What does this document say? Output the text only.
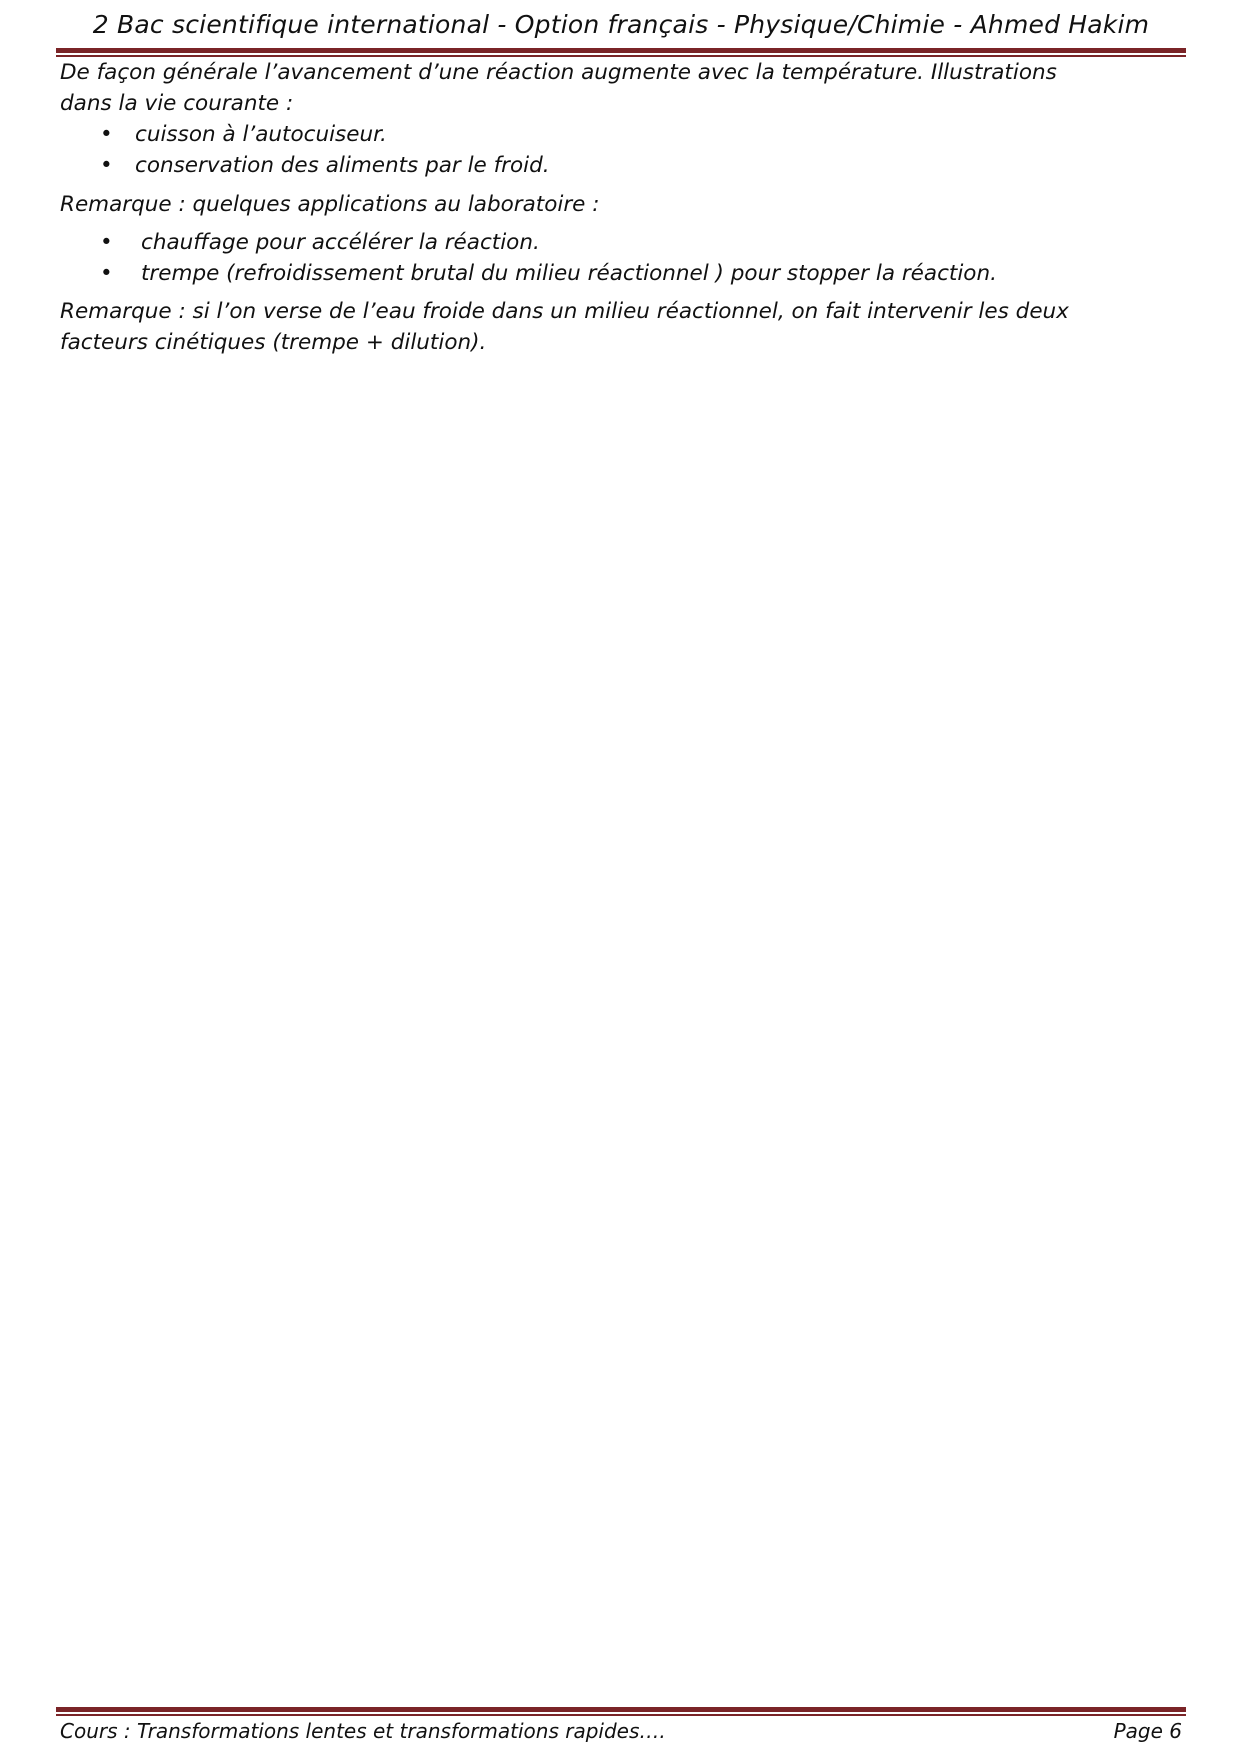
2 Bac scientifique international - Option français - Physique/Chimie - Ahmed Hakim

De façon générale l’avancement d’une réaction augmente avec la température. Illustrations
dans la vie courante :

• cuisson à l’autocuiseur.
• conservation des aliments par le froid.

Remarque : quelques applications au laboratoire :

• chauffage pour accélérer la réaction.
• trempe (refroidissement brutal du milieu réactionnel ) pour stopper la réaction.

Remarque : si l’on verse de l’eau froide dans un milieu réactionnel, on fait intervenir les deux
facteurs cinétiques (trempe + dilution).

Cours : Transformations lentes et transformations rapides….	Page 6
